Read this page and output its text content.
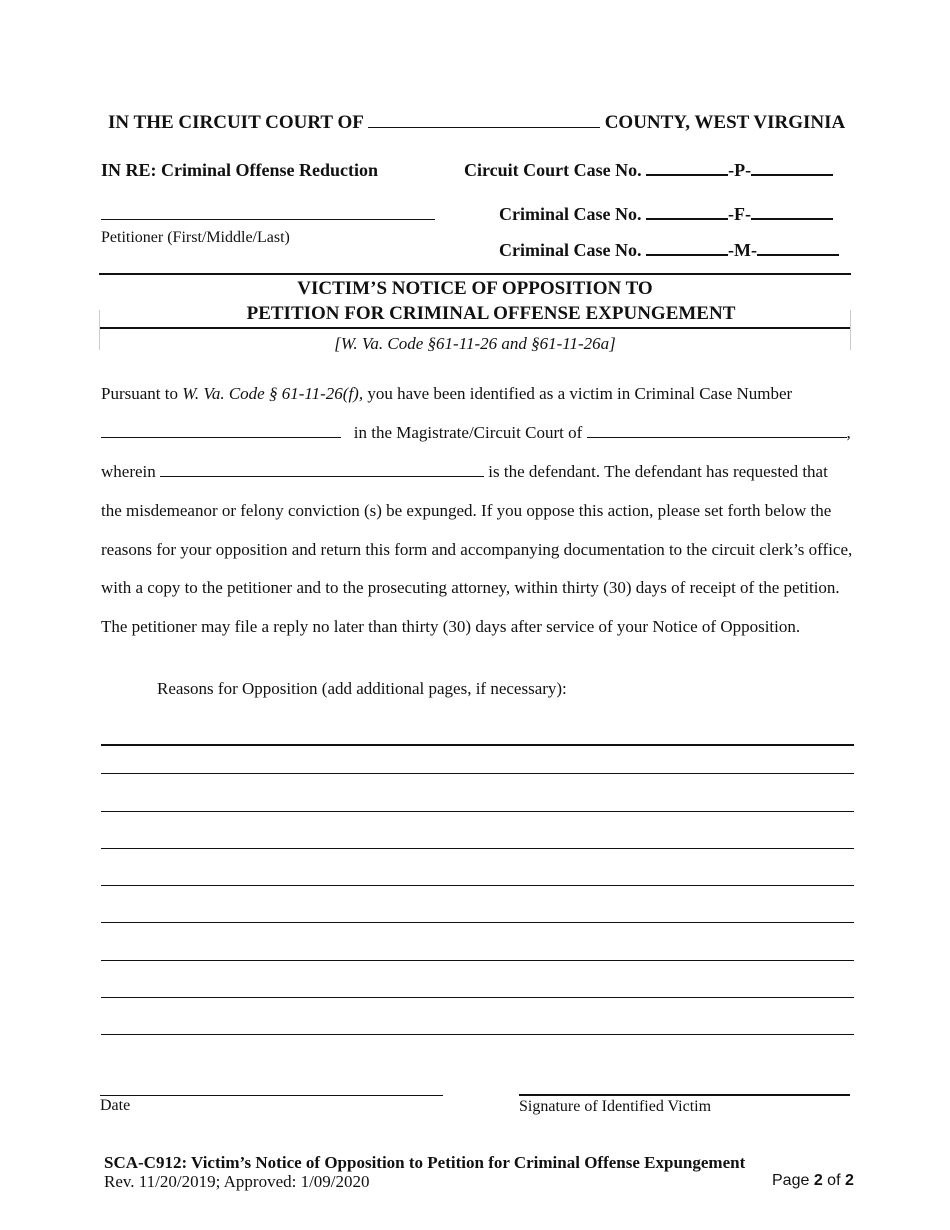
IN THE CIRCUIT COURT OF	COUNTY, WEST VIRGINIA
IN RE: Criminal Offense Reduction	Circuit Court Case No.	-P-
Petitioner (First/Middle/Last)
Criminal Case No.	-F-
Criminal Case No.	-M-
VICTIM’S NOTICE OF OPPOSITION TO
PETITION FOR CRIMINAL OFFENSE EXPUNGEMENT
[W. Va. Code §61-11-26 and §61-11-26a]
Pursuant to W. Va. Code § 61-11-26(f), you have been identified as a victim in Criminal Case Number
in the Magistrate/Circuit Court of	,
wherein	is the defendant. The defendant has requested that
the misdemeanor or felony conviction (s) be expunged. If you oppose this action, please set forth below the
reasons for your opposition and return this form and accompanying documentation to the circuit clerk’s office,
with a copy to the petitioner and to the prosecuting attorney, within thirty (30) days of receipt of the petition.
The petitioner may file a reply no later than thirty (30) days after service of your Notice of Opposition.
Reasons for Opposition (add additional pages, if necessary):
Date	Signature of Identified Victim
SCA-C912: Victim’s Notice of Opposition to Petition for Criminal Offense Expungement
Rev. 11/20/2019; Approved: 1/09/2020	Page 2 of 2
